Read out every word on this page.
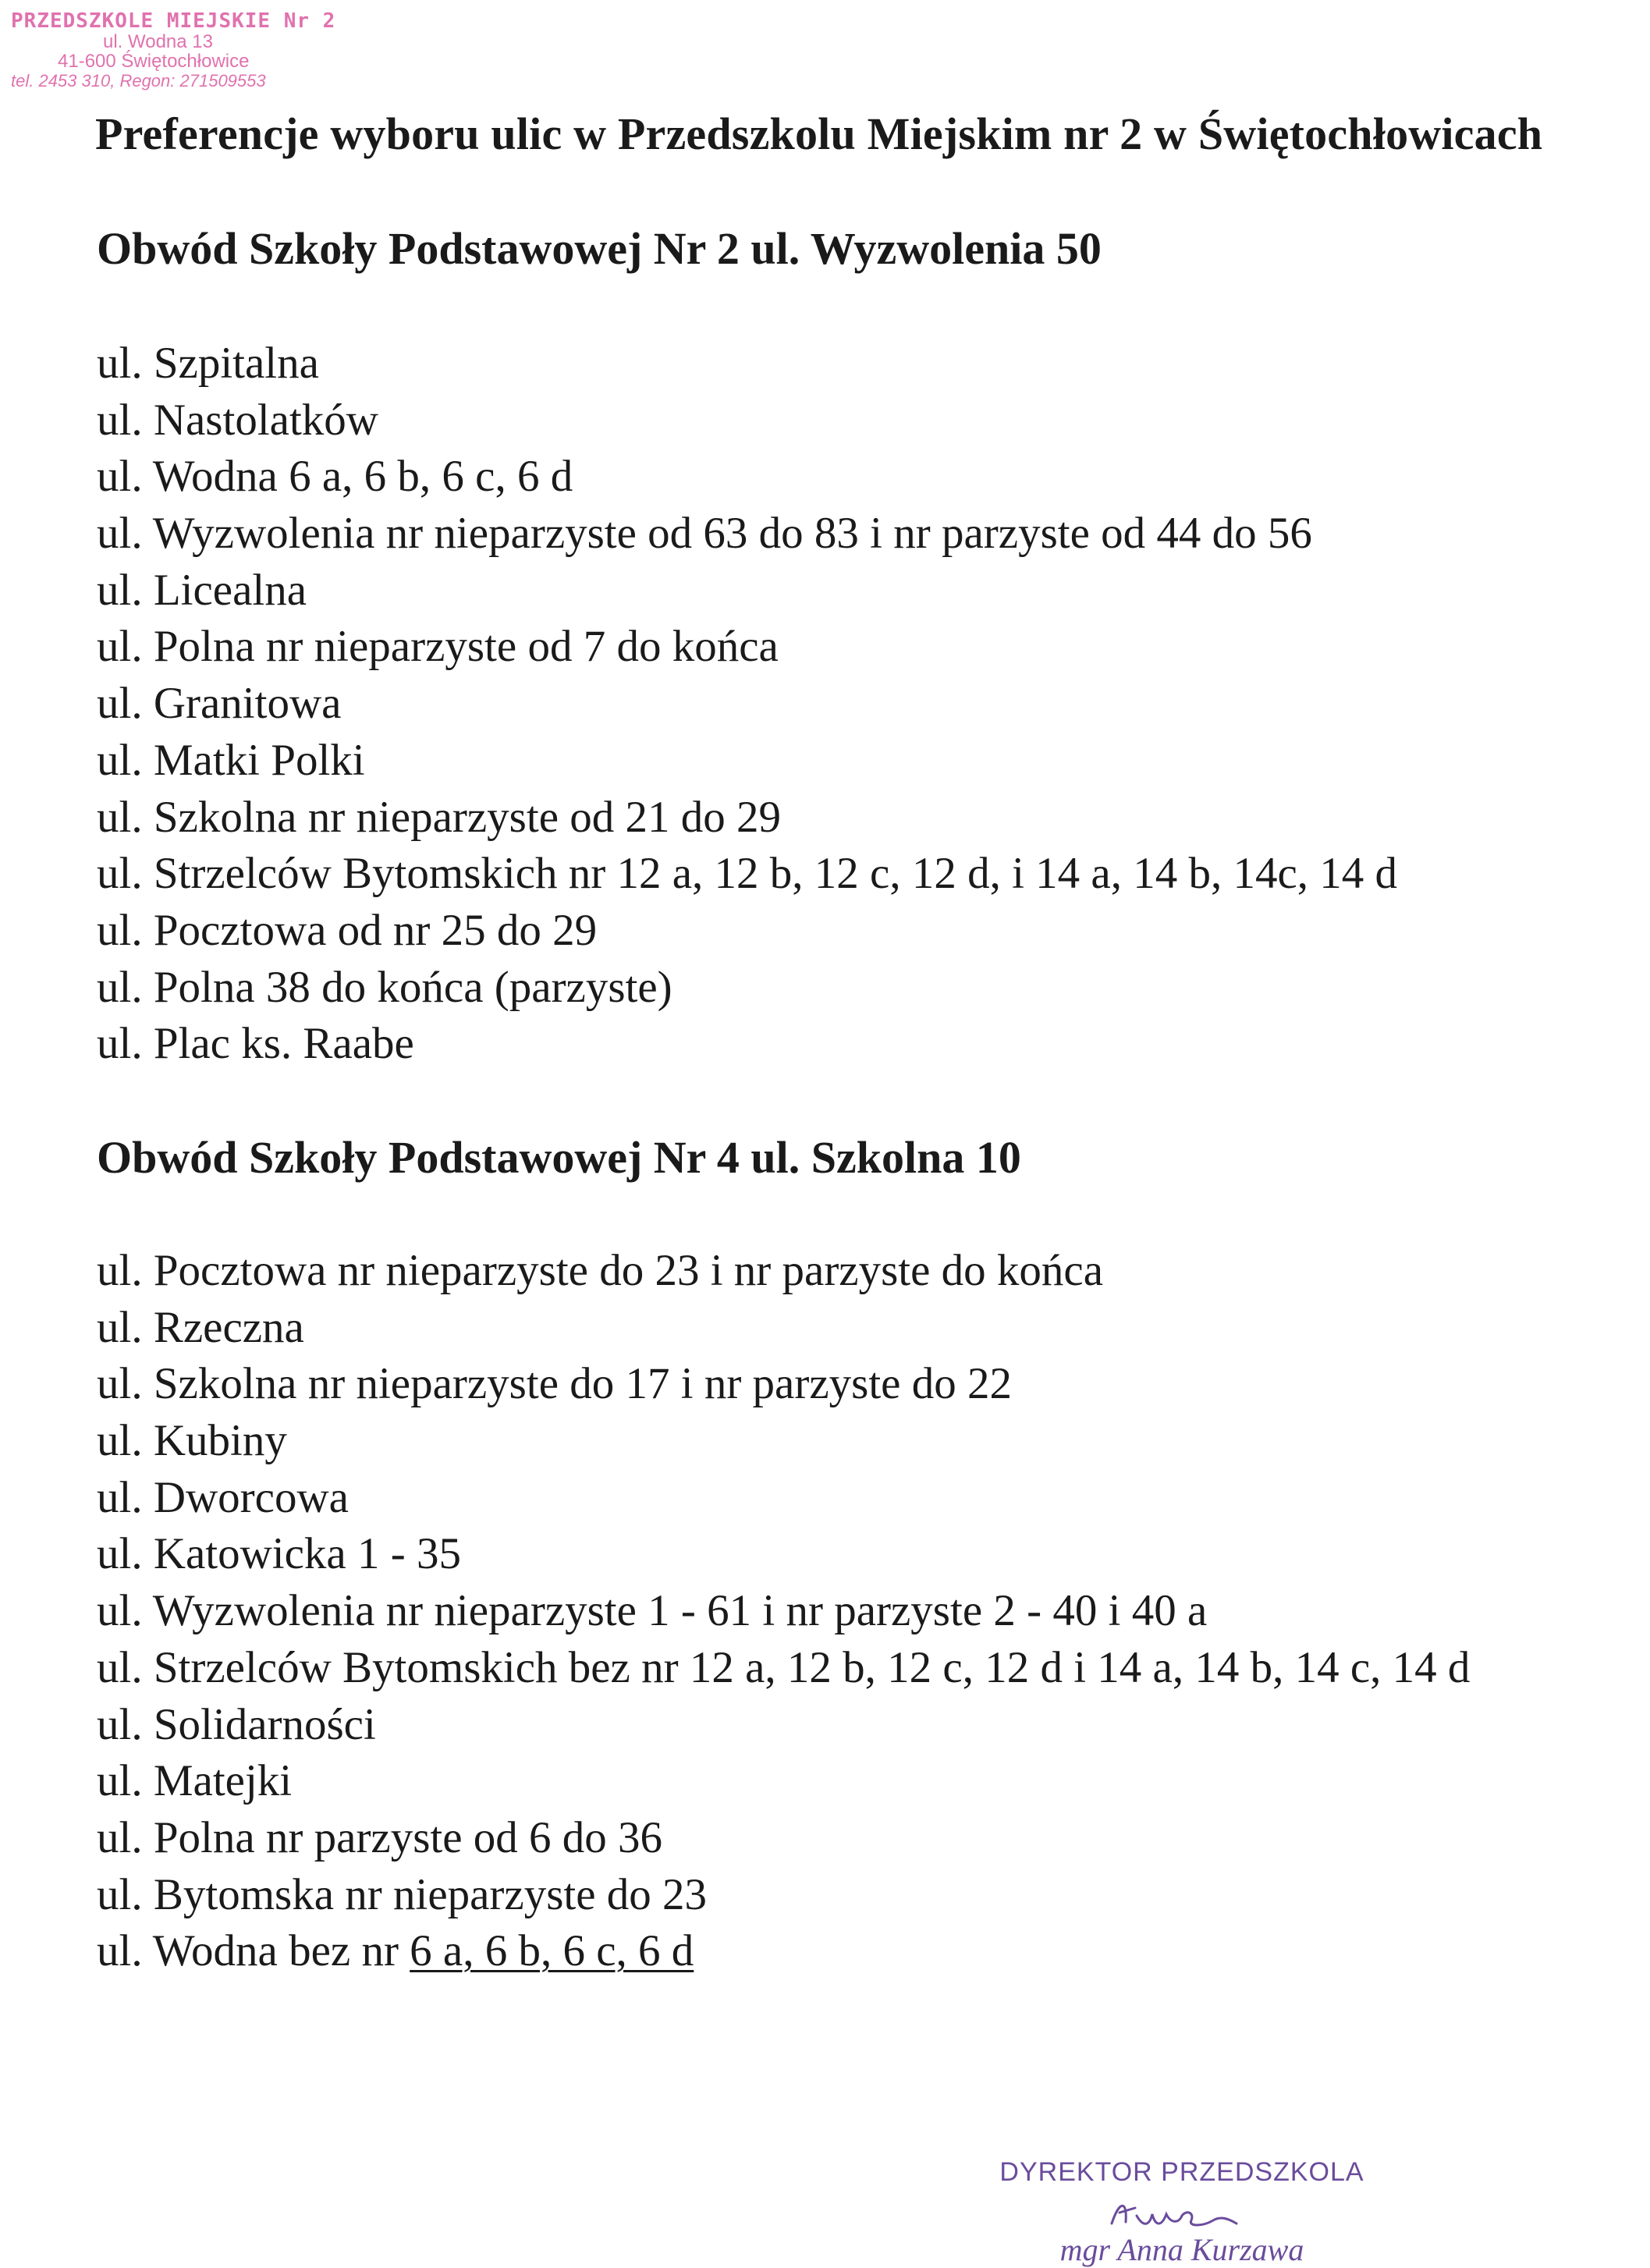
PRZEDSZKOLE MIEJSKIE Nr 2
ul. Wodna 13
41-600 Świętochłowice
tel. 2453 310, Regon: 271509553
Preferencje wyboru ulic w Przedszkolu Miejskim nr 2 w Świętochłowicach
Obwód Szkoły Podstawowej Nr 2 ul. Wyzwolenia 50
ul. Szpitalna
ul. Nastolatków
ul. Wodna 6 a, 6 b, 6 c, 6 d
ul. Wyzwolenia nr nieparzyste od 63 do 83 i nr parzyste od 44 do 56
ul. Licealna
ul. Polna nr nieparzyste od 7 do końca
ul. Granitowa
ul. Matki Polki
ul. Szkolna nr nieparzyste od 21 do 29
ul. Strzelców Bytomskich nr 12 a, 12 b, 12 c, 12 d, i 14 a, 14 b, 14c, 14 d
ul. Pocztowa od nr 25 do 29
ul. Polna 38 do końca (parzyste)
ul. Plac ks. Raabe
Obwód Szkoły Podstawowej Nr 4 ul. Szkolna 10
ul. Pocztowa nr nieparzyste do 23 i nr parzyste do końca
ul. Rzeczna
ul. Szkolna nr nieparzyste do 17 i nr parzyste do 22
ul. Kubiny
ul. Dworcowa
ul. Katowicka 1 - 35
ul. Wyzwolenia nr nieparzyste 1 - 61 i nr parzyste 2 - 40 i 40 a
ul. Strzelców Bytomskich bez nr 12 a, 12 b, 12 c, 12 d i 14 a, 14 b, 14 c, 14 d
ul. Solidarności
ul. Matejki
ul. Polna nr parzyste od 6 do 36
ul. Bytomska nr nieparzyste do 23
ul. Wodna bez nr 6 a, 6 b, 6 c, 6 d
DYREKTOR PRZEDSZKOLA
mgr Anna Kurzawa
